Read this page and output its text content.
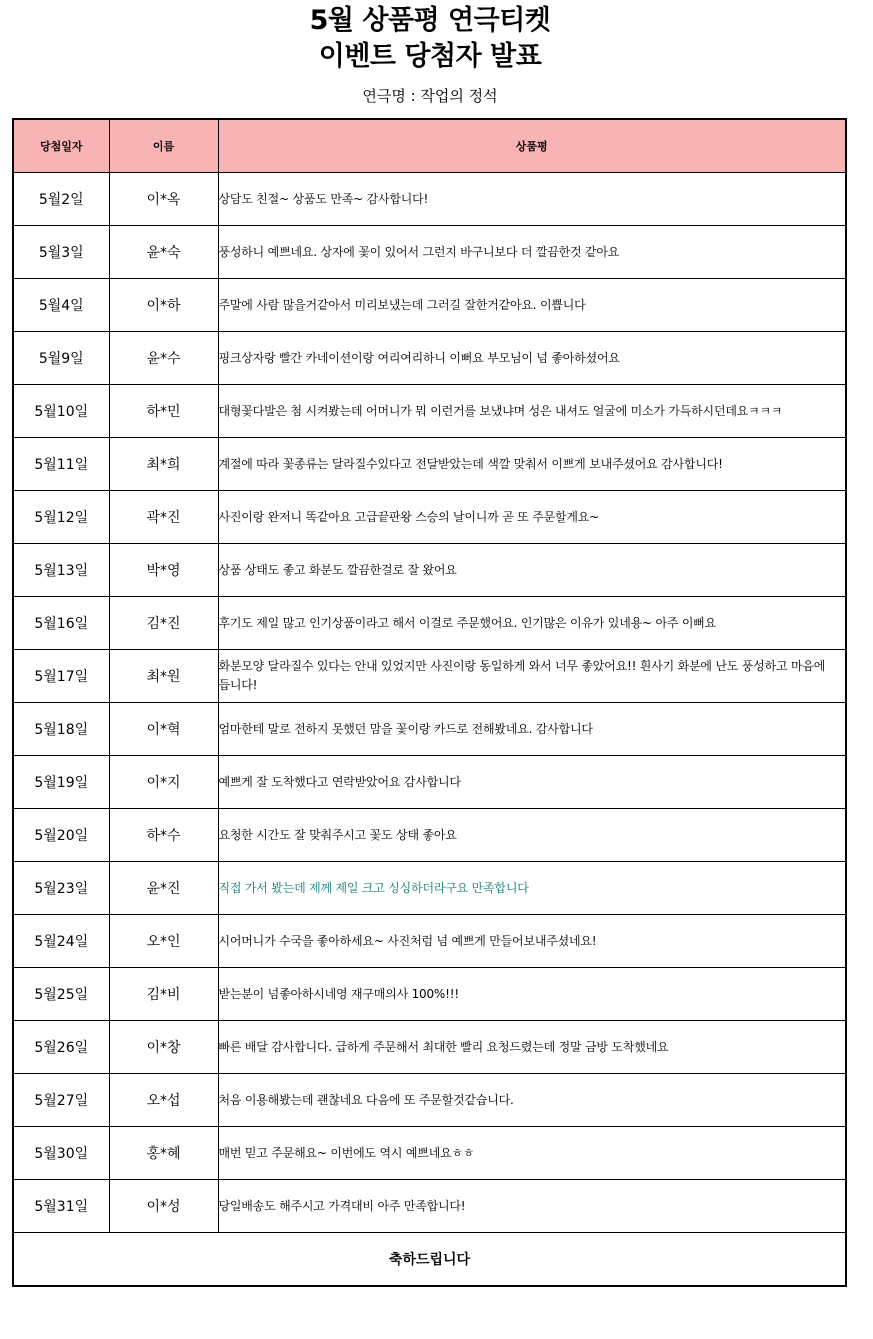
5월 상품평 연극티켓
이벤트 당첨자 발표
연극명 : 작업의 정석
당첨일자	이름	상품평
5월2일	이*옥	상담도 친절~ 상품도 만족~ 감사합니다!
5월3일	윤*숙	풍성하니 예쁘네요. 상자에 꽃이 있어서 그런지 바구니보다 더 깔끔한것 같아요
5월4일	이*하	주말에 사람 많을거같아서 미리보냈는데 그러길 잘한거같아요. 이쁩니다
5월9일	윤*수	핑크상자랑 빨간 카네이션이랑 여리여리하니 이뻐요 부모님이 넘 좋아하셨어요
5월10일	하*민	대형꽃다발은 첨 시켜봤는데 어머니가 뭐 이런거를 보냈냐며 성은 내셔도 얼굴에 미소가 가득하시던데요ㅋㅋㅋ
5월11일	최*희	계절에 따라 꽃종류는 달라질수있다고 전달받았는데 색깔 맞춰서 이쁘게 보내주셨어요 감사합니다!
5월12일	곽*진	사진이랑 완저니 똑같아요 고급끝판왕 스승의 날이니까 곧 또 주문할게요~
5월13일	박*영	상품 상태도 좋고 화분도 깔끔한걸로 잘 왔어요
5월16일	김*진	후기도 제일 많고 인기상품이라고 해서 이걸로 주문했어요. 인기많은 이유가 있네용~ 아주 이뻐요
5월17일	최*원	화분모양 달라질수 있다는 안내 있었지만 사진이랑 동일하게 와서 너무 좋았어요!! 흰사기 화분에 난도 풍성하고 마음에 듭니다!
5월18일	이*혁	엄마한테 말로 전하지 못했던 맘을 꽃이랑 카드로 전해봤네요. 감사합니다
5월19일	이*지	예쁘게 잘 도착했다고 연락받았어요 감사합니다
5월20일	하*수	요청한 시간도 잘 맞춰주시고 꽃도 상태 좋아요
5월23일	윤*진	직접 가서 봤는데 제께 제일 크고 싱싱하더라구요 만족합니다
5월24일	오*인	시어머니가 수국을 좋아하세요~ 사진처럼 넘 예쁘게 만들어보내주셨네요!
5월25일	김*비	받는분이 넘좋아하시네영 재구매의사 100%!!!
5월26일	이*창	빠른 배달 감사합니다. 급하게 주문해서 최대한 빨리 요청드렸는데 정말 금방 도착했네요
5월27일	오*섭	처음 이용해봤는데 괜찮네요 다음에 또 주문할것같습니다.
5월30일	홍*혜	매번 믿고 주문해요~ 이번에도 역시 예쁘네요ㅎㅎ
5월31일	이*성	당일배송도 해주시고 가격대비 아주 만족합니다!
축하드립니다		
